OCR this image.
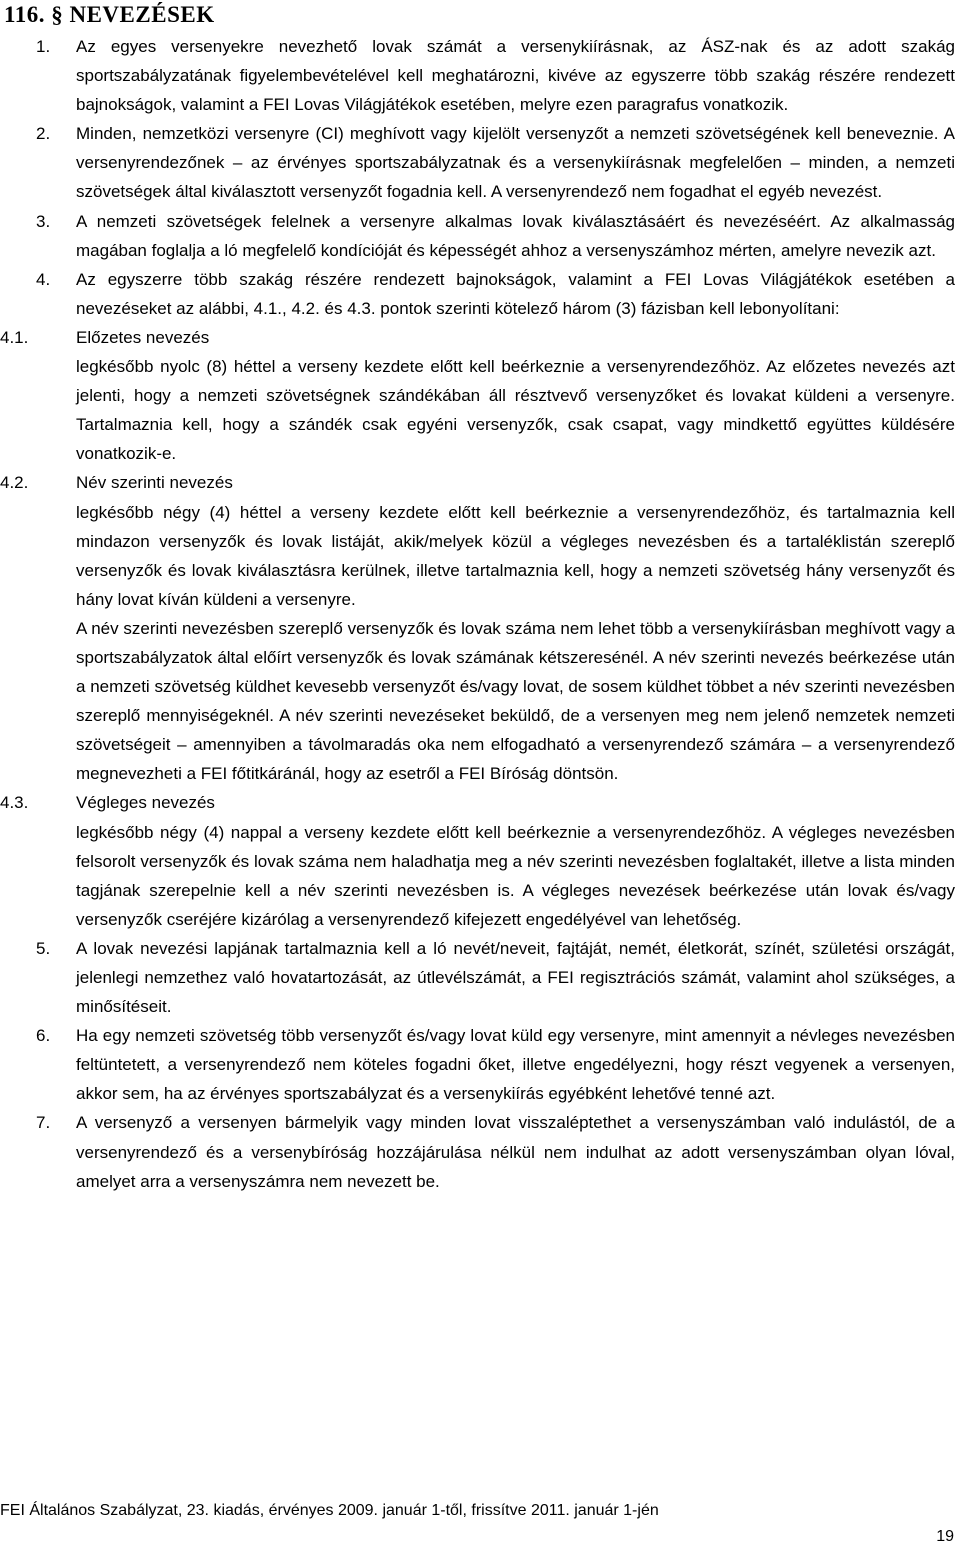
116. § NEVEZÉSEK
1. Az egyes versenyekre nevezhető lovak számát a versenykiírásnak, az ÁSZ-nak és az adott szakág sportszabályzatának figyelembevételével kell meghatározni, kivéve az egyszerre több szakág részére rendezett bajnokságok, valamint a FEI Lovas Világjátékok esetében, melyre ezen paragrafus vonatkozik.
2. Minden, nemzetközi versenyre (CI) meghívott vagy kijelölt versenyzőt a nemzeti szövetségének kell beneveznie. A versenyrendezőnek – az érvényes sportszabályzatnak és a versenykiírásnak megfelelően – minden, a nemzeti szövetségek által kiválasztott versenyzőt fogadnia kell. A versenyrendező nem fogadhat el egyéb nevezést.
3. A nemzeti szövetségek felelnek a versenyre alkalmas lovak kiválasztásáért és nevezéséért. Az alkalmasság magában foglalja a ló megfelelő kondícióját és képességét ahhoz a versenyszámhoz mérten, amelyre nevezik azt.
4. Az egyszerre több szakág részére rendezett bajnokságok, valamint a FEI Lovas Világjátékok esetében a nevezéseket az alábbi, 4.1., 4.2. és 4.3. pontok szerinti kötelező három (3) fázisban kell lebonyolítani:
4.1.	Előzetes nevezés
legkésőbb nyolc (8) héttel a verseny kezdete előtt kell beérkeznie a versenyrendezőhöz. Az előzetes nevezés azt jelenti, hogy a nemzeti szövetségnek szándékában áll résztvevő versenyzőket és lovakat küldeni a versenyre. Tartalmaznia kell, hogy a szándék csak egyéni versenyzők, csak csapat, vagy mindkettő együttes küldésére vonatkozik-e.
4.2.	Név szerinti nevezés
legkésőbb négy (4) héttel a verseny kezdete előtt kell beérkeznie a versenyrendezőhöz, és tartalmaznia kell mindazon versenyzők és lovak listáját, akik/melyek közül a végleges nevezésben és a tartaléklistán szereplő versenyzők és lovak kiválasztásra kerülnek, illetve tartalmaznia kell, hogy a nemzeti szövetség hány versenyzőt és hány lovat kíván küldeni a versenyre.
A név szerinti nevezésben szereplő versenyzők és lovak száma nem lehet több a versenykiírásban meghívott vagy a sportszabályzatok által előírt versenyzők és lovak számának kétszeresénél. A név szerinti nevezés beérkezése után a nemzeti szövetség küldhet kevesebb versenyzőt és/vagy lovat, de sosem küldhet többet a név szerinti nevezésben szereplő mennyiségeknél. A név szerinti nevezéseket beküldő, de a versenyen meg nem jelenő nemzetek nemzeti szövetségeit – amennyiben a távolmaradás oka nem elfogadható a versenyrendező számára – a versenyrendező megnevezheti a FEI főtitkáránál, hogy az esetről a FEI Bíróság döntsön.
4.3.	Végleges nevezés
legkésőbb négy (4) nappal a verseny kezdete előtt kell beérkeznie a versenyrendezőhöz. A végleges nevezésben felsorolt versenyzők és lovak száma nem haladhatja meg a név szerinti nevezésben foglaltakét, illetve a lista minden tagjának szerepelnie kell a név szerinti nevezésben is. A végleges nevezések beérkezése után lovak és/vagy versenyzők cseréjére kizárólag a versenyrendező kifejezett engedélyével van lehetőség.
5. A lovak nevezési lapjának tartalmaznia kell a ló nevét/neveit, fajtáját, nemét, életkorát, színét, születési országát, jelenlegi nemzethez való hovatartozását, az útlevélszámát, a FEI regisztrációs számát, valamint ahol szükséges, a minősítéseit.
6. Ha egy nemzeti szövetség több versenyzőt és/vagy lovat küld egy versenyre, mint amennyit a névleges nevezésben feltüntetett, a versenyrendező nem köteles fogadni őket, illetve engedélyezni, hogy részt vegyenek a versenyen, akkor sem, ha az érvényes sportszabályzat és a versenykiírás egyébként lehetővé tenné azt.
7. A versenyző a versenyen bármelyik vagy minden lovat visszaléptethet a versenyszámban való indulástól, de a versenyrendező és a versenybíróság hozzájárulása nélkül nem indulhat az adott versenyszámban olyan lóval, amelyet arra a versenyszámra nem nevezett be.
FEI Általános Szabályzat, 23. kiadás, érvényes 2009. január 1-től, frissítve 2011. január 1-jén
19
